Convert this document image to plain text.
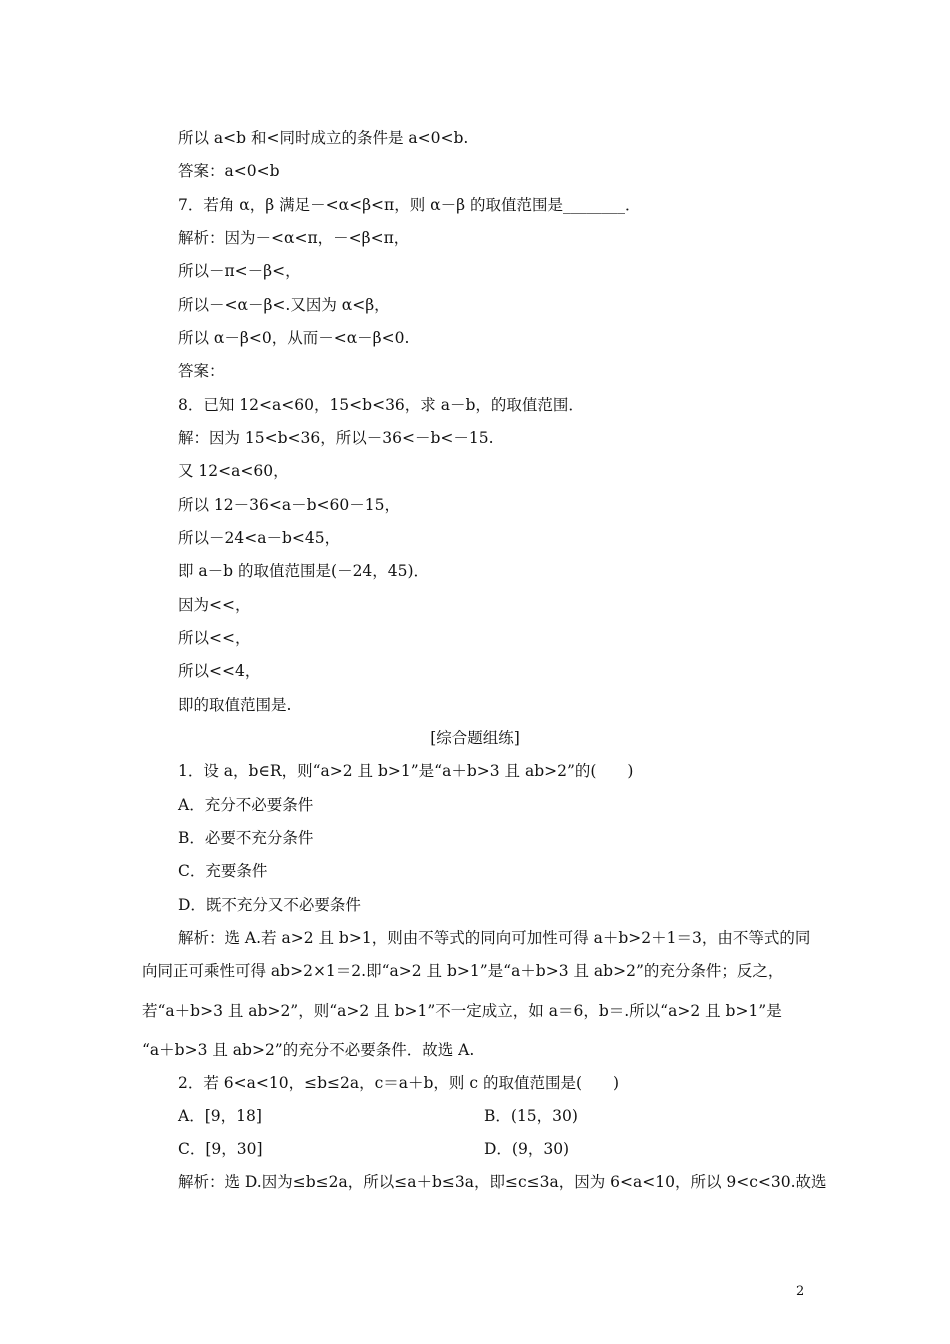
所以 a<b 和<同时成立的条件是 a<0<b.
答案：a<0<b
7．若角 α，β 满足－<α<β<π，则 α－β 的取值范围是________．
解析：因为－<α<π，－<β<π，
所以－π<－β<，
所以－<α－β<.又因为 α<β，
所以 α－β<0，从而－<α－β<0.
答案：
8．已知 12<a<60，15<b<36，求 a－b，的取值范围．
解：因为 15<b<36，所以－36<－b<－15.
又 12<a<60，
所以 12－36<a－b<60－15，
所以－24<a－b<45，
即 a－b 的取值范围是(－24，45)．
因为<<，
所以<<，
所以<<4，
即的取值范围是.
[综合题组练]
1．设 a，b∈R，则“a>2 且 b>1”是“a＋b>3 且 ab>2”的(　　)
A．充分不必要条件
B．必要不充分条件
C．充要条件
D．既不充分又不必要条件
解析：选 A.若 a>2 且 b>1，则由不等式的同向可加性可得 a＋b>2＋1＝3，由不等式的同
向同正可乘性可得 ab>2×1＝2.即“a>2 且 b>1”是“a＋b>3 且 ab>2”的充分条件；反之，
若“a＋b>3 且 ab>2”，则“a>2 且 b>1”不一定成立，如 a＝6，b＝.所以“a>2 且 b>1”是
“a＋b>3 且 ab>2”的充分不必要条件．故选 A.
2．若 6<a<10，≤b≤2a，c＝a＋b，则 c 的取值范围是(　　)
A．[9，18]	B．(15，30)
C．[9，30]	D．(9，30)
解析：选 D.因为≤b≤2a，所以≤a＋b≤3a，即≤c≤3a，因为 6<a<10，所以 9<c<30.故选
2
